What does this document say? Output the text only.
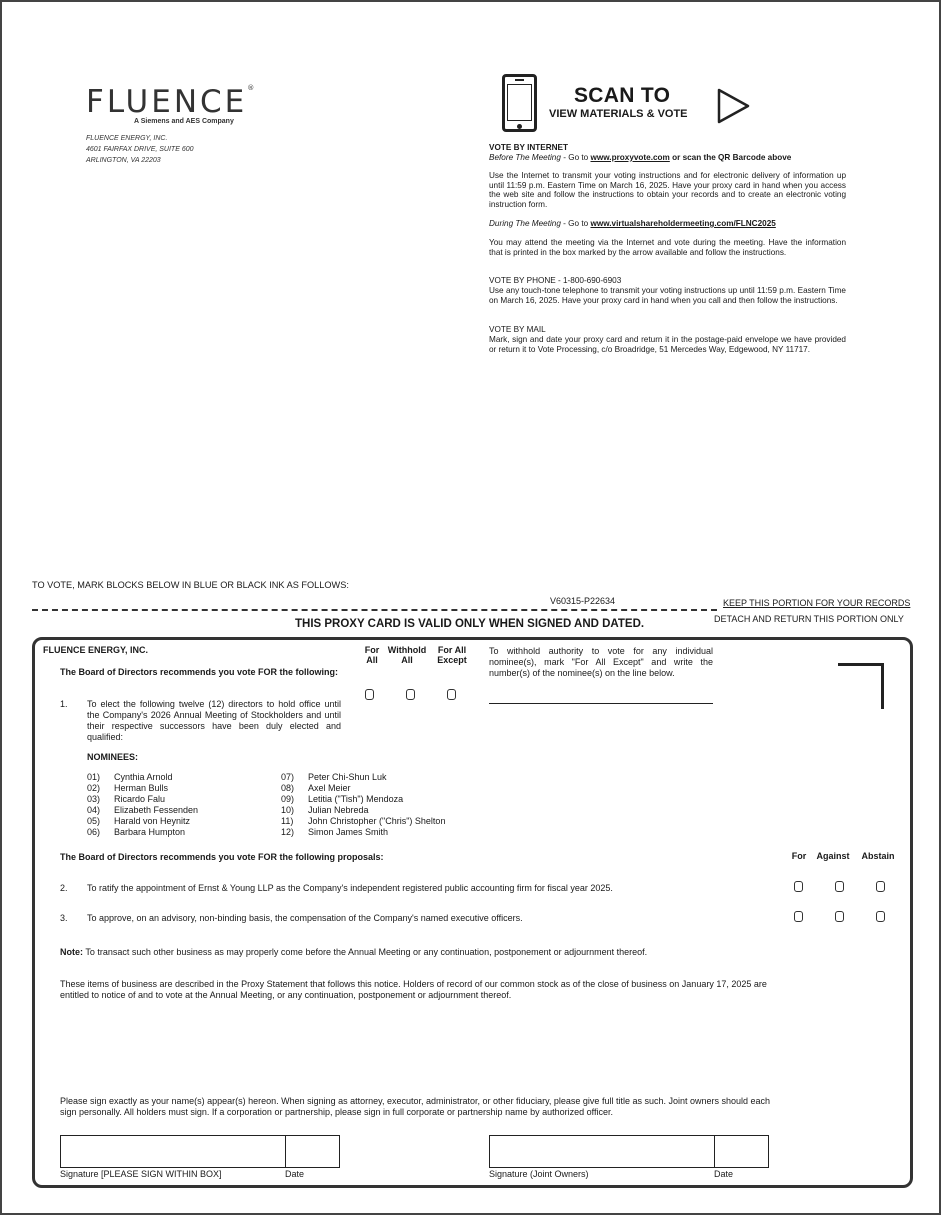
FLUENCE®
A Siemens and AES Company
FLUENCE ENERGY, INC.
4601 FAIRFAX DRIVE, SUITE 600
ARLINGTON, VA 22203
SCAN TO
VIEW MATERIALS & VOTE
VOTE BY INTERNET
Before The Meeting - Go to www.proxyvote.com or scan the QR Barcode above
Use the Internet to transmit your voting instructions and for electronic delivery of information up until 11:59 p.m. Eastern Time on March 16, 2025. Have your proxy card in hand when you access the web site and follow the instructions to obtain your records and to create an electronic voting instruction form.
During The Meeting - Go to www.virtualshareholdermeeting.com/FLNC2025
You may attend the meeting via the Internet and vote during the meeting. Have the information that is printed in the box marked by the arrow available and follow the instructions.
VOTE BY PHONE - 1-800-690-6903
Use any touch-tone telephone to transmit your voting instructions up until 11:59 p.m. Eastern Time on March 16, 2025. Have your proxy card in hand when you call and then follow the instructions.
VOTE BY MAIL
Mark, sign and date your proxy card and return it in the postage-paid envelope we have provided or return it to Vote Processing, c/o Broadridge, 51 Mercedes Way, Edgewood, NY 11717.
TO VOTE, MARK BLOCKS BELOW IN BLUE OR BLACK INK AS FOLLOWS:
V60315-P22634	KEEP THIS PORTION FOR YOUR RECORDS
THIS PROXY CARD IS VALID ONLY WHEN SIGNED AND DATED.	DETACH AND RETURN THIS PORTION ONLY
FLUENCE ENERGY, INC.
The Board of Directors recommends you vote FOR the following:
For
All
Withhold
All
For All
Except
To withhold authority to vote for any individual nominee(s), mark "For All Except" and write the number(s) of the nominee(s) on the line below.
1. To elect the following twelve (12) directors to hold office until the Company's 2026 Annual Meeting of Stockholders and until their respective successors have been duly elected and qualified:
NOMINEES:
01) Cynthia Arnold
02) Herman Bulls
03) Ricardo Falu
04) Elizabeth Fessenden
05) Harald von Heynitz
06) Barbara Humpton
07) Peter Chi-Shun Luk
08) Axel Meier
09) Letitia ("Tish") Mendoza
10) Julian Nebreda
11) John Christopher ("Chris") Shelton
12) Simon James Smith
The Board of Directors recommends you vote FOR the following proposals:	For	Against	Abstain
2. To ratify the appointment of Ernst & Young LLP as the Company's independent registered public accounting firm for fiscal year 2025.
3. To approve, on an advisory, non-binding basis, the compensation of the Company's named executive officers.
Note: To transact such other business as may properly come before the Annual Meeting or any continuation, postponement or adjournment thereof.
These items of business are described in the Proxy Statement that follows this notice. Holders of record of our common stock as of the close of business on January 17, 2025 are entitled to notice of and to vote at the Annual Meeting, or any continuation, postponement or adjournment thereof.
Please sign exactly as your name(s) appear(s) hereon. When signing as attorney, executor, administrator, or other fiduciary, please give full title as such. Joint owners should each sign personally. All holders must sign. If a corporation or partnership, please sign in full corporate or partnership name by authorized officer.
Signature [PLEASE SIGN WITHIN BOX]	Date	Signature (Joint Owners)	Date
